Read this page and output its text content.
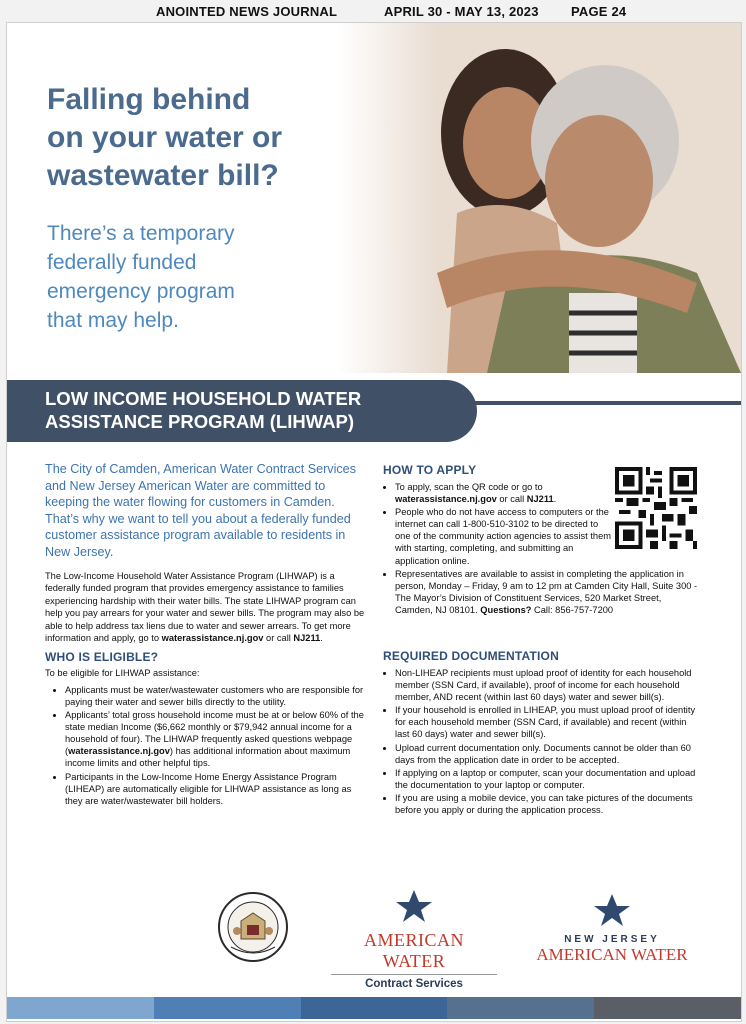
ANOINTED NEWS JOURNAL	APRIL 30 - MAY 13, 2023 PAGE 24
Falling behind
on your water or
wastewater bill?
There’s a temporary
federally funded
emergency program
that may help.
LOW INCOME HOUSEHOLD WATER
ASSISTANCE PROGRAM (LIHWAP)

The City of Camden, American Water Contract Services and New Jersey American Water are committed to keeping the water flowing for customers in Camden. That’s why we want to tell you about a federally funded customer assistance program available to residents in New Jersey.

The Low-Income Household Water Assistance Program (LIHWAP) is a federally funded program that provides emergency assistance to families experiencing hardship with their water bills. The state LIHWAP program can help you pay arrears for your water and sewer bills. The program may also be able to help address tax liens due to water and sewer arrears. To get more information and apply, go to waterassistance.nj.gov or call NJ211.

WHO IS ELIGIBLE?

To be eligible for LIHWAP assistance:

• Applicants must be water/wastewater customers who are responsible for paying their water and sewer bills directly to the utility.
• Applicants’ total gross household income must be at or below 60% of the state median Income ($6,662 monthly or $79,942 annual income for a household of four). The LIHWAP frequently asked questions webpage (waterassistance.nj.gov) has additional information about maximum income limits and other helpful tips.
• Participants in the Low-Income Home Energy Assistance Program (LIHEAP) are automatically eligible for LIHWAP assistance as long as they are water/wastewater bill holders.
HOW TO APPLY
• To apply, scan the QR code or go to waterassistance.nj.gov or call NJ211.
• People who do not have access to computers or the internet can call 1-800-510-3102 to be directed to one of the community action agencies to assist them with starting, completing, and submitting an application online.
• Representatives are available to assist in completing the application in person, Monday – Friday, 9 am to 12 pm at Camden City Hall, Suite 300 - The Mayor’s Division of Constituent Services, 520 Market Street, Camden, NJ 08101. Questions? Call: 856-757-7200
REQUIRED DOCUMENTATION
• Non-LIHEAP recipients must upload proof of identity for each household member (SSN Card, if available), proof of income for each household member, AND recent (within last 60 days) water and sewer bill(s).
• If your household is enrolled in LIHEAP, you must upload proof of identity for each household member (SSN Card, if available) and recent (within last 60 days) water and sewer bill(s).
• Upload current documentation only. Documents cannot be older than 60 days from the application date in order to be accepted.
• If applying on a laptop or computer, scan your documentation and upload the documentation to your laptop or computer.
• If you are using a mobile device, you can take pictures of the documents before you apply or during the application process.
AMERICAN WATER
Contract Services
NEW JERSEY
AMERICAN WATER
